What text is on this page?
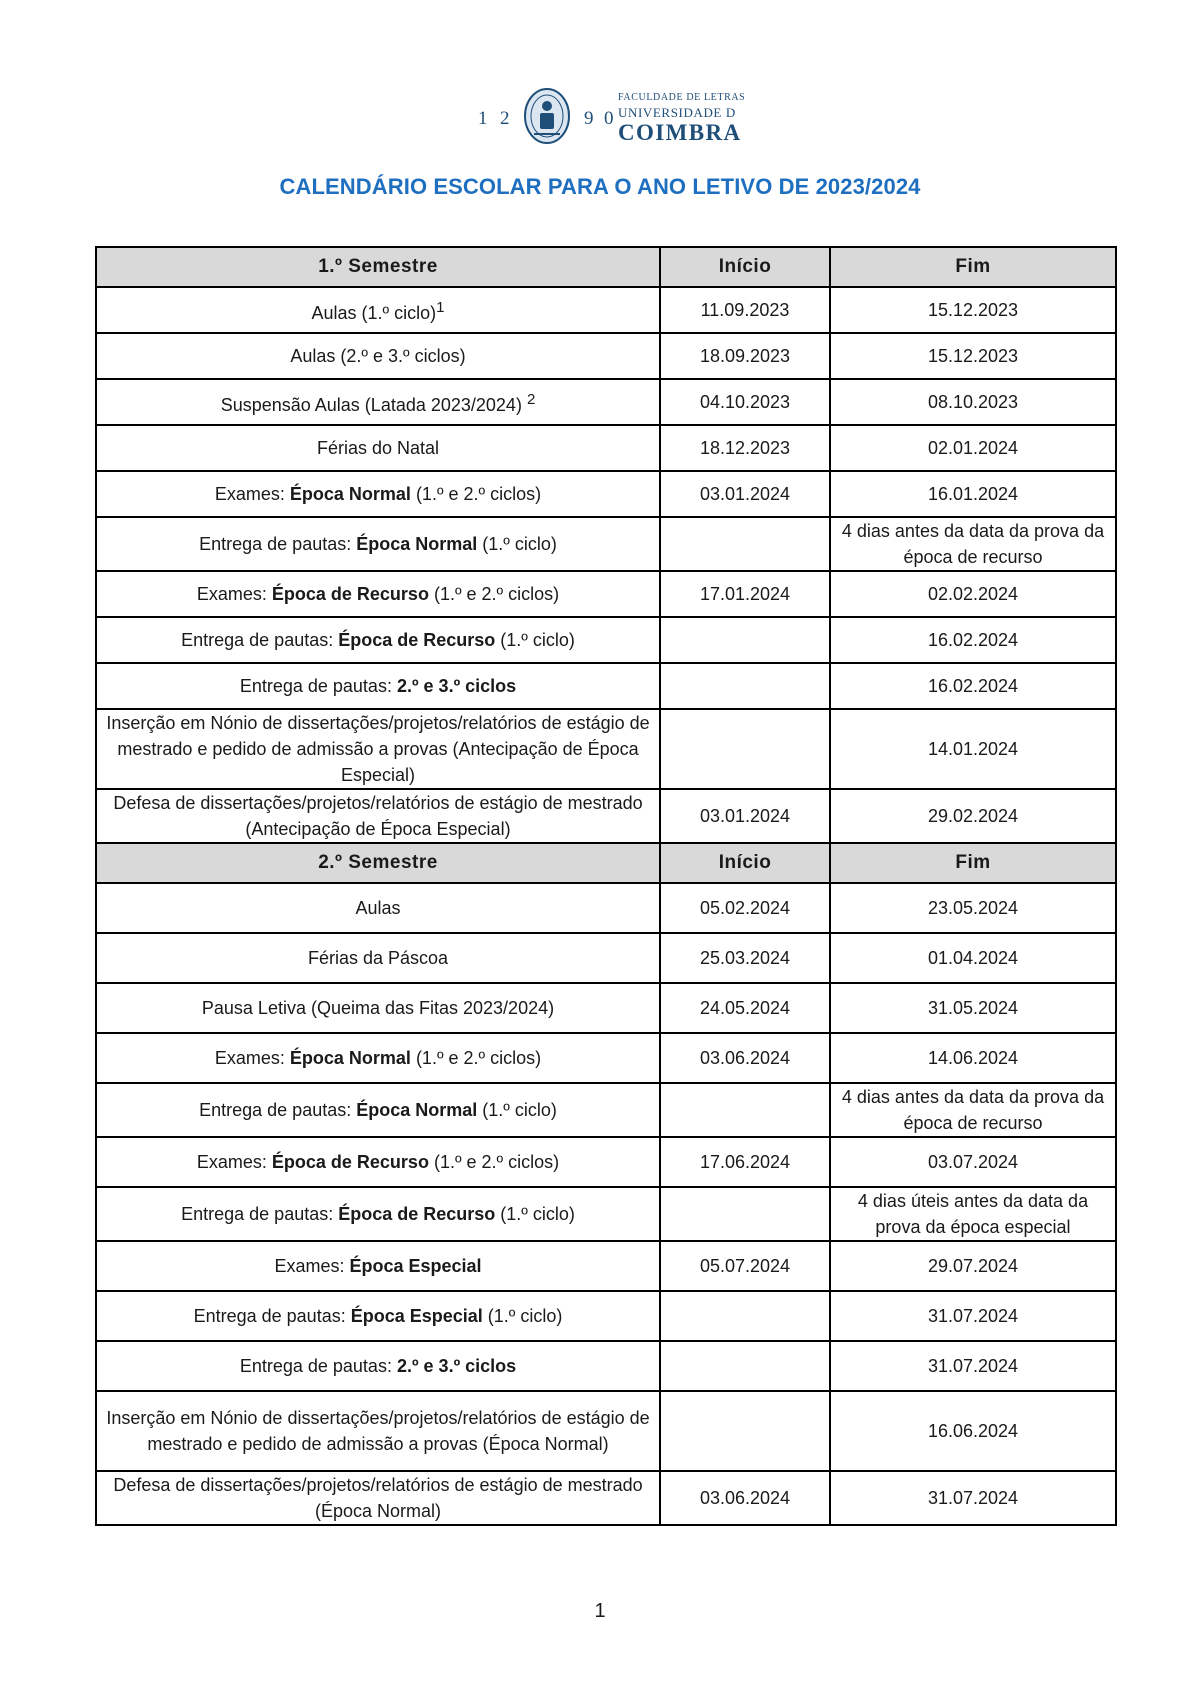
1 2	9 0
FACULDADE DE LETRAS
UNIVERSIDADE D
COIMBRA
CALENDÁRIO ESCOLAR PARA O ANO LETIVO DE 2023/2024
1.º Semestre	Início	Fim
Aulas (1.º ciclo)$^1$	11.09.2023	15.12.2023
Aulas (2.º e 3.º ciclos)	18.09.2023	15.12.2023
Suspensão Aulas (Latada 2023/2024) $^2$	04.10.2023	08.10.2023
Férias do Natal	18.12.2023	02.01.2024
Exames: Época Normal (1.º e 2.º ciclos)	03.01.2024	16.01.2024
Entrega de pautas: Época Normal (1.º ciclo)		4 dias antes da data da prova da época de recurso
Exames: Época de Recurso (1.º e 2.º ciclos)	17.01.2024	02.02.2024
Entrega de pautas: Época de Recurso (1.º ciclo)		16.02.2024
Entrega de pautas: 2.º e 3.º ciclos		16.02.2024
Inserção em Nónio de dissertações/projetos/relatórios de estágio de mestrado e pedido de admissão a provas (Antecipação de Época Especial)		14.01.2024
Defesa de dissertações/projetos/relatórios de estágio de mestrado (Antecipação de Época Especial)	03.01.2024	29.02.2024
2.º Semestre	Início	Fim
Aulas	05.02.2024	23.05.2024
Férias da Páscoa	25.03.2024	01.04.2024
Pausa Letiva (Queima das Fitas 2023/2024)	24.05.2024	31.05.2024
Exames: Época Normal (1.º e 2.º ciclos)	03.06.2024	14.06.2024
Entrega de pautas: Época Normal (1.º ciclo)		4 dias antes da data da prova da época de recurso
Exames: Época de Recurso (1.º e 2.º ciclos)	17.06.2024	03.07.2024
Entrega de pautas: Época de Recurso (1.º ciclo)		4 dias úteis antes da data da prova da época especial
Exames: Época Especial	05.07.2024	29.07.2024
Entrega de pautas: Época Especial (1.º ciclo)		31.07.2024
Entrega de pautas: 2.º e 3.º ciclos		31.07.2024
Inserção em Nónio de dissertações/projetos/relatórios de estágio de mestrado e pedido de admissão a provas (Época Normal)		16.06.2024
Defesa de dissertações/projetos/relatórios de estágio de mestrado (Época Normal)	03.06.2024	31.07.2024
1
